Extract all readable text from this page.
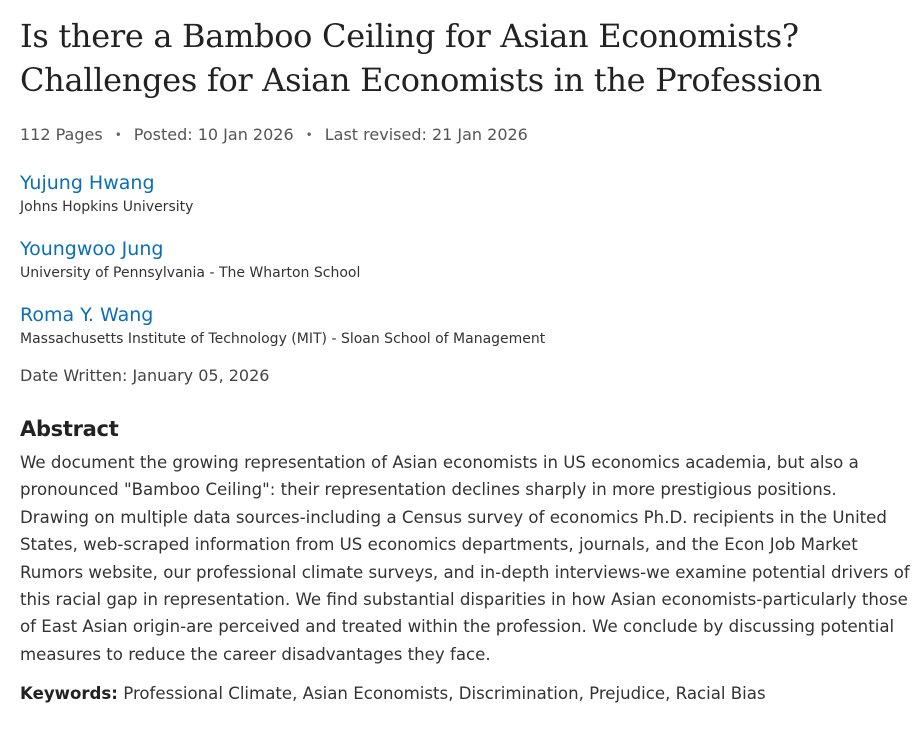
Is there a Bamboo Ceiling for Asian Economists?
Challenges for Asian Economists in the Profession
112 Pages • Posted: 10 Jan 2026 • Last revised: 21 Jan 2026
Yujung Hwang
Johns Hopkins University
Youngwoo Jung
University of Pennsylvania - The Wharton School
Roma Y. Wang
Massachusetts Institute of Technology (MIT) - Sloan School of Management
Date Written: January 05, 2026
Abstract
We document the growing representation of Asian economists in US economics academia, but also a pronounced "Bamboo Ceiling": their representation declines sharply in more prestigious positions. Drawing on multiple data sources-including a Census survey of economics Ph.D. recipients in the United States, web-scraped information from US economics departments, journals, and the Econ Job Market Rumors website, our professional climate surveys, and in-depth interviews-we examine potential drivers of this racial gap in representation. We find substantial disparities in how Asian economists-particularly those of East Asian origin-are perceived and treated within the profession. We conclude by discussing potential measures to reduce the career disadvantages they face.
Keywords: Professional Climate, Asian Economists, Discrimination, Prejudice, Racial Bias
